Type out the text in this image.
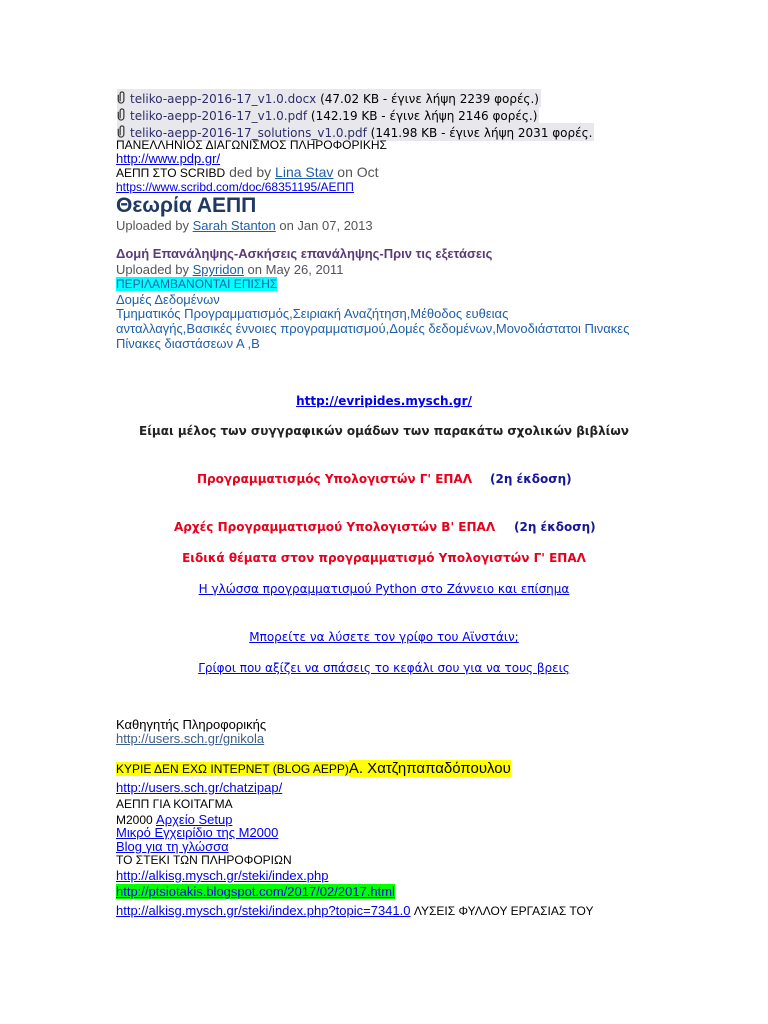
teliko-aepp-2016-17_v1.0.docx (47.02 KB - έγινε λήψη 2239 φορές.)
teliko-aepp-2016-17_v1.0.pdf (142.19 KB - έγινε λήψη 2146 φορές.)
teliko-aepp-2016-17_solutions_v1.0.pdf (141.98 KB - έγινε λήψη 2031 φορές.
ΠΑΝΕΛΛΗΝΙΟΣ ΔΙΑΓΩΝΙΣΜΟΣ ΠΛΗΡΟΦΟΡΙΚΗΣ
http://www.pdp.gr/
ΑΕΠΠ ΣΤΟ SCRIBD ded by Lina Stav on Oct
https://www.scribd.com/doc/68351195/ΑΕΠΠ
Θεωρία ΑΕΠΠ
Uploaded by Sarah Stanton on Jan 07, 2013
Δομή Επανάληψης-Ασκήσεις επανάληψης-Πριν τις εξετάσεις
Uploaded by Spyridon on May 26, 2011
ΠΕΡΙΛΑΜΒΑΝΟΝΤΑΙ ΕΠΙΣΗΣ
Δομές Δεδομένων
Τμηματικός Προγραμματισμός,Σειριακή Αναζήτηση,Μέθοδος ευθειας
ανταλλαγής,Βασικές έννοιες προγραμματισμού,Δομές δεδομένων,Μονοδιάστατοι Πινακες
Πίνακες διαστάσεων Α ,Β
http://evripides.mysch.gr/
Είμαι μέλος των συγγραφικών ομάδων των παρακάτω σχολικών βιβλίων
Προγραμματισμός Υπολογιστών Γ' ΕΠΑΛ (2η έκδοση)
Αρχές Προγραμματισμού Υπολογιστών Β' ΕΠΑΛ (2η έκδοση)
Ειδικά θέματα στον προγραμματισμό Υπολογιστών Γ' ΕΠΑΛ
Η γλώσσα προγραμματισμού Python στο Ζάννειο και επίσημα
Μπορείτε να λύσετε τον γρίφο του Αϊνστάιν;
Γρίφοι που αξίζει να σπάσεις το κεφάλι σου για να τους βρεις
Καθηγητής Πληροφορικής
http://users.sch.gr/gnikola
ΚΥΡΙΕ ΔΕΝ ΕΧΩ ΙΝΤΕΡΝΕΤ (BLOG AEPP)Α. Χατζηπαπαδόπουλου
http://users.sch.gr/chatzipap/
ΑΕΠΠ ΓΙΑ ΚΟΙΤΑΓΜΑ
M2000 Αρχείο Setup
Μικρό Εγχειρίδιο της Μ2000
Blog για τη γλώσσα
ΤΟ ΣΤΕΚΙ ΤΩΝ ΠΛΗΡΟΦΟΡΙΩΝ
http://alkisg.mysch.gr/steki/index.php
http://ptsiotakis.blogspot.com/2017/02/2017.html
http://alkisg.mysch.gr/steki/index.php?topic=7341.0 ΛΥΣΕΙΣ ΦΥΛΛΟΥ ΕΡΓΑΣΙΑΣ ΤΟΥ
